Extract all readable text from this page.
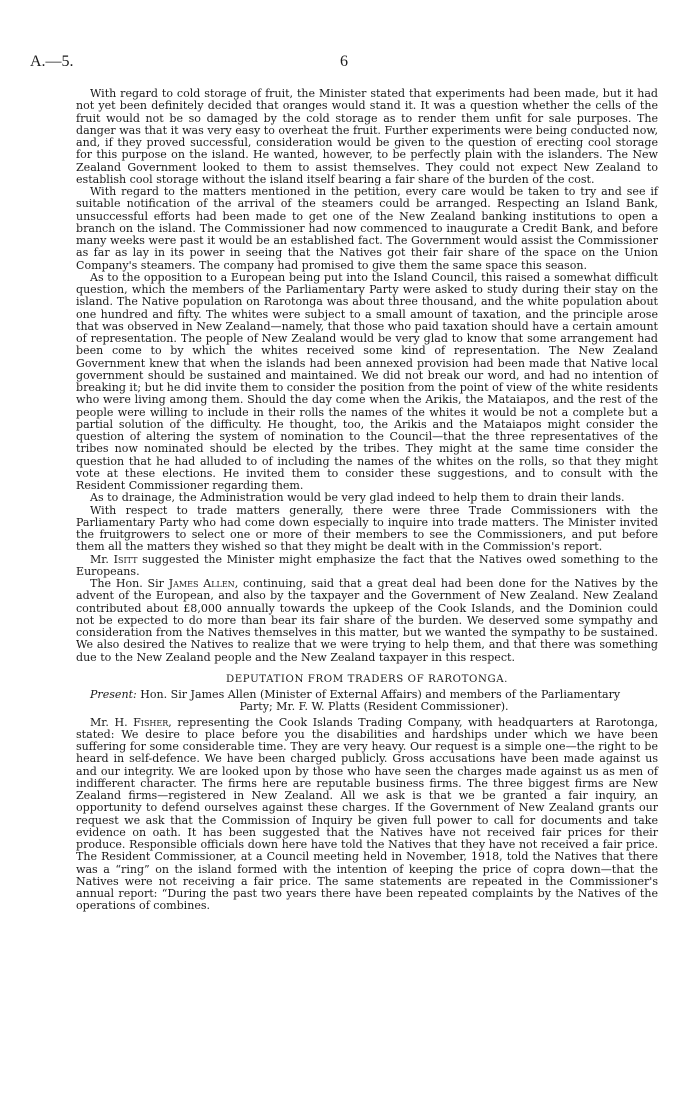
A.—5.	6

With regard to cold storage of fruit, the Minister stated that experiments had been made, but it had not yet been definitely decided that oranges would stand it. It was a question whether the cells of the fruit would not be so damaged by the cold storage as to render them unfit for sale purposes. The danger was that it was very easy to overheat the fruit. Further experiments were being conducted now, and, if they proved successful, consideration would be given to the question of erecting cool storage for this purpose on the island. He wanted, however, to be perfectly plain with the islanders. The New Zealand Government looked to them to assist themselves. They could not expect New Zealand to establish cool storage without the island itself bearing a fair share of the burden of the cost.

With regard to the matters mentioned in the petition, every care would be taken to try and see if suitable notification of the arrival of the steamers could be arranged. Respecting an Island Bank, unsuccessful efforts had been made to get one of the New Zealand banking institutions to open a branch on the island. The Commissioner had now commenced to inaugurate a Credit Bank, and before many weeks were past it would be an established fact. The Government would assist the Commissioner as far as lay in its power in seeing that the Natives got their fair share of the space on the Union Company's steamers. The company had promised to give them the same space this season.

As to the opposition to a European being put into the Island Council, this raised a somewhat difficult question, which the members of the Parliamentary Party were asked to study during their stay on the island. The Native population on Rarotonga was about three thousand, and the white population about one hundred and fifty. The whites were subject to a small amount of taxation, and the principle arose that was observed in New Zealand—namely, that those who paid taxation should have a certain amount of representation. The people of New Zealand would be very glad to know that some arrangement had been come to by which the whites received some kind of representation. The New Zealand Government knew that when the islands had been annexed provision had been made that Native local government should be sustained and maintained. We did not break our word, and had no intention of breaking it; but he did invite them to consider the position from the point of view of the white residents who were living among them. Should the day come when the Arikis, the Mataiapos, and the rest of the people were willing to include in their rolls the names of the whites it would be not a complete but a partial solution of the difficulty. He thought, too, the Arikis and the Mataiapos might consider the question of altering the system of nomination to the Council—that the three representatives of the tribes now nominated should be elected by the tribes. They might at the same time consider the question that he had alluded to of including the names of the whites on the rolls, so that they might vote at these elections. He invited them to consider these suggestions, and to consult with the Resident Commissioner regarding them.

As to drainage, the Administration would be very glad indeed to help them to drain their lands.

With respect to trade matters generally, there were three Trade Commissioners with the Parliamentary Party who had come down especially to inquire into trade matters. The Minister invited the fruitgrowers to select one or more of their members to see the Commissioners, and put before them all the matters they wished so that they might be dealt with in the Commission's report.

Mr. Isitt suggested the Minister might emphasize the fact that the Natives owed something to the Europeans.

The Hon. Sir James Allen, continuing, said that a great deal had been done for the Natives by the advent of the European, and also by the taxpayer and the Government of New Zealand. New Zealand contributed about £8,000 annually towards the upkeep of the Cook Islands, and the Dominion could not be expected to do more than bear its fair share of the burden. We deserved some sympathy and consideration from the Natives themselves in this matter, but we wanted the sympathy to be sustained. We also desired the Natives to realize that we were trying to help them, and that there was something due to the New Zealand people and the New Zealand taxpayer in this respect.

DEPUTATION FROM TRADERS OF RAROTONGA.

Present: Hon. Sir James Allen (Minister of External Affairs) and members of the Parliamentary

Party; Mr. F. W. Platts (Resident Commissioner).

Mr. H. Fisher, representing the Cook Islands Trading Company, with headquarters at Rarotonga, stated: We desire to place before you the disabilities and hardships under which we have been suffering for some considerable time. They are very heavy. Our request is a simple one—the right to be heard in self-defence. We have been charged publicly. Gross accusations have been made against us and our integrity. We are looked upon by those who have seen the charges made against us as men of indifferent character. The firms here are reputable business firms. The three biggest firms are New Zealand firms—registered in New Zealand. All we ask is that we be granted a fair inquiry, an opportunity to defend ourselves against these charges. If the Government of New Zealand grants our request we ask that the Commission of Inquiry be given full power to call for documents and take evidence on oath. It has been suggested that the Natives have not received fair prices for their produce. Responsible officials down here have told the Natives that they have not received a fair price. The Resident Commissioner, at a Council meeting held in November, 1918, told the Natives that there was a “ring” on the island formed with the intention of keeping the price of copra down—that the Natives were not receiving a fair price. The same statements are repeated in the Commissioner's annual report: “During the past two years there have been repeated complaints by the Natives of the operations of combines.
